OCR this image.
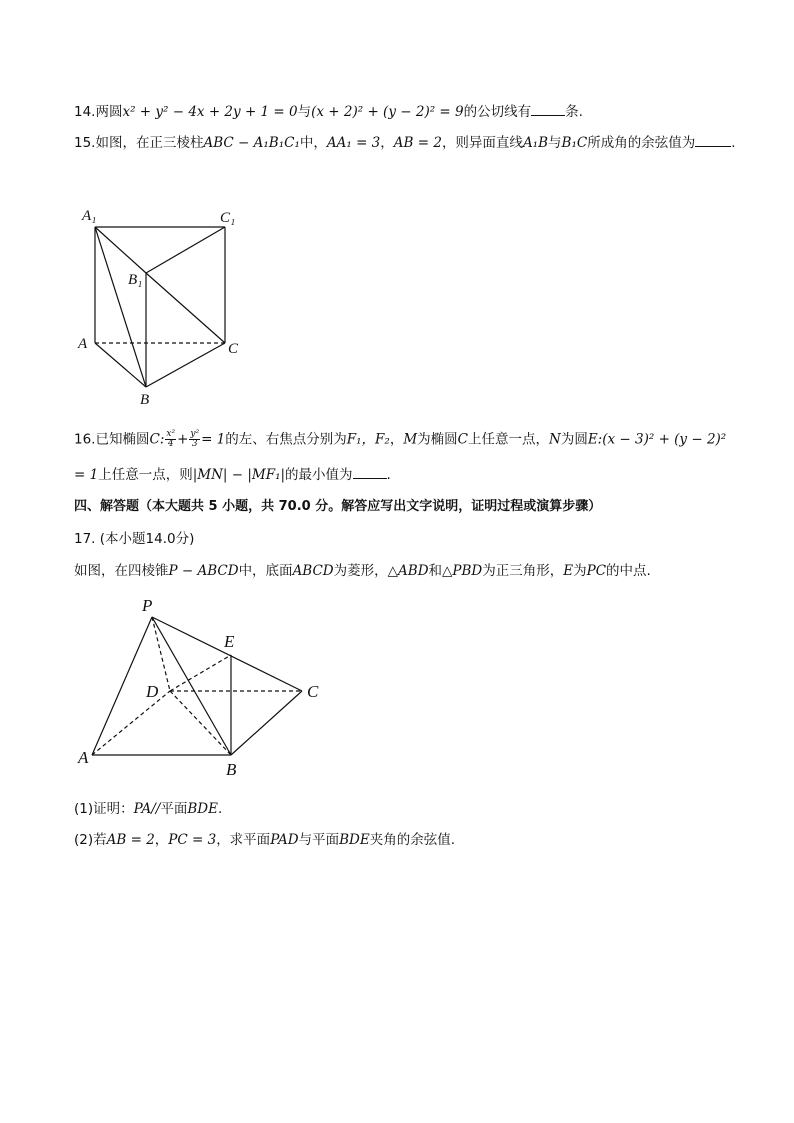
14.两圆x² + y² − 4x + 2y + 1 = 0与(x + 2)² + (y − 2)² = 9的公切线有	条.
15.如图，在正三棱柱ABC − A₁B₁C₁中，AA₁ = 3，AB = 2，则异面直线A₁B与B₁C所成角的余弦值为	.
A₁	C₁
B₁
A	C
B
16.已知椭圆C: $\frac{\text{x²}}{4} + \frac{\text{y²}}{3} = 1$的左、右焦点分别为F₁，F₂，M为椭圆C上任意一点，N为圆E:(x − 3)² + (y − 2)²
= 1上任意一点，则|MN| − |MF₁|的最小值为	.
四、解答题（本大题共 5 小题，共 70.0 分。解答应写出文字说明，证明过程或演算步骤）
17. (本小题14.0分)
如图，在四棱锥P − ABCD中，底面ABCD为菱形，△ABD和△PBD为正三角形，E为PC的中点.
P
E
D	C
A
B
(1)证明：PA//平面BDE.
(2)若AB = 2，PC = 3，求平面PAD与平面BDE夹角的余弦值.
